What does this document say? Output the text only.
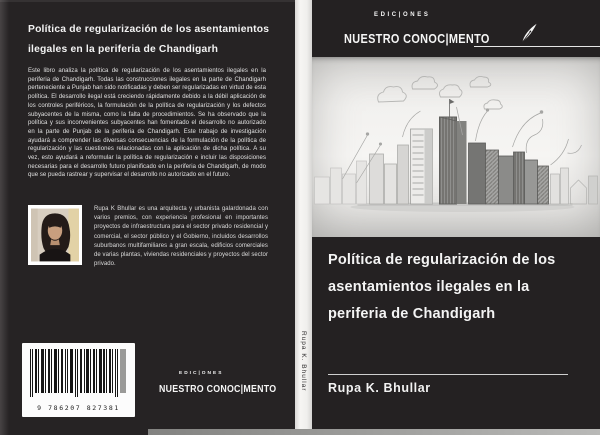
Política de regularización de los asentamientos ilegales en la periferia de Chandigarh

Este libro analiza la política de regularización de los asentamientos ilegales en la periferia de Chandigarh. Todas las construcciones ilegales en la parte de Chandigarh perteneciente a Punjab han sido notificadas y deben ser regularizadas en virtud de esta política. El desarrollo ilegal está creciendo rápidamente debido a la débil aplicación de los controles periféricos, la formulación de la política de regularización y los defectos subyacentes de la misma, como la falta de procedimientos. Se ha observado que la política y sus inconvenientes subyacentes han fomentado el desarrollo no autorizado en la parte de Punjab de la periferia de Chandigarh. Este trabajo de investigación ayudará a comprender las diversas consecuencias de la formulación de la política de regularización y las cuestiones relacionadas con la aplicación de dicha política. A su vez, esto ayudará a reformular la política de regularización e incluir las disposiciones necesarias para el desarrollo futuro planificado en la periferia de Chandigarh, de modo que se pueda rastrear y supervisar el desarrollo no autorizado en el futuro.

Rupa K Bhullar es una arquitecta y urbanista galardonada con varios premios, con experiencia profesional en importantes proyectos de infraestructura para el sector privado residencial y comercial, el sector público y el Gobierno, incluidos desarrollos suburbanos multifamiliares a gran escala, edificios comerciales de varias plantas, viviendas residenciales y proyectos del sector privado.

9 786207 827381
EDIC|ONES
NUESTRO CONOC|MENTO	Rupa K. Bhullar
EDIC|ONES
NUESTRO CONOC|MENTO
Política de regularización de los asentamientos ilegales en la periferia de Chandigarh
Rupa K. Bhullar
